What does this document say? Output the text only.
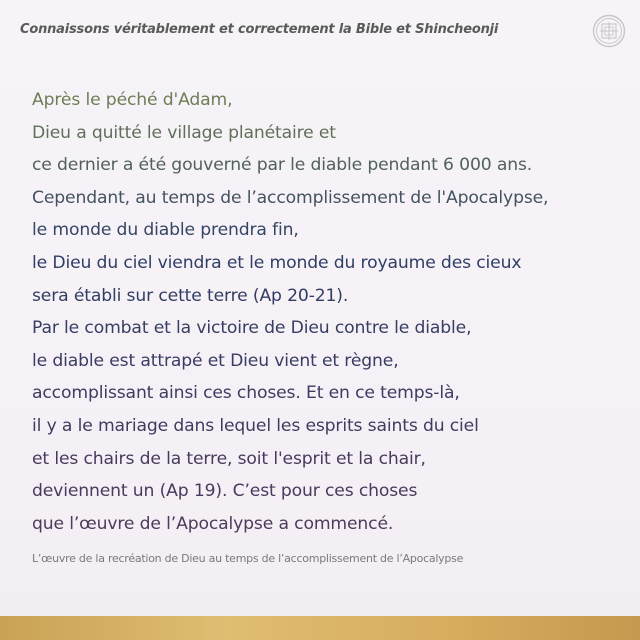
Connaissons véritablement et correctement la Bible et Shincheonji
Après le péché d'Adam,
Dieu a quitté le village planétaire et
ce dernier a été gouverné par le diable pendant 6 000 ans.
Cependant, au temps de l’accomplissement de l'Apocalypse,
le monde du diable prendra fin,
le Dieu du ciel viendra et le monde du royaume des cieux
sera établi sur cette terre (Ap 20-21).
Par le combat et la victoire de Dieu contre le diable,
le diable est attrapé et Dieu vient et règne,
accomplissant ainsi ces choses. Et en ce temps-là,
il y a le mariage dans lequel les esprits saints du ciel
et les chairs de la terre, soit l'esprit et la chair,
deviennent un (Ap 19). C’est pour ces choses
que l’œuvre de l’Apocalypse a commencé.
L’œuvre de la recréation de Dieu au temps de l’accomplissement de l’Apocalypse
